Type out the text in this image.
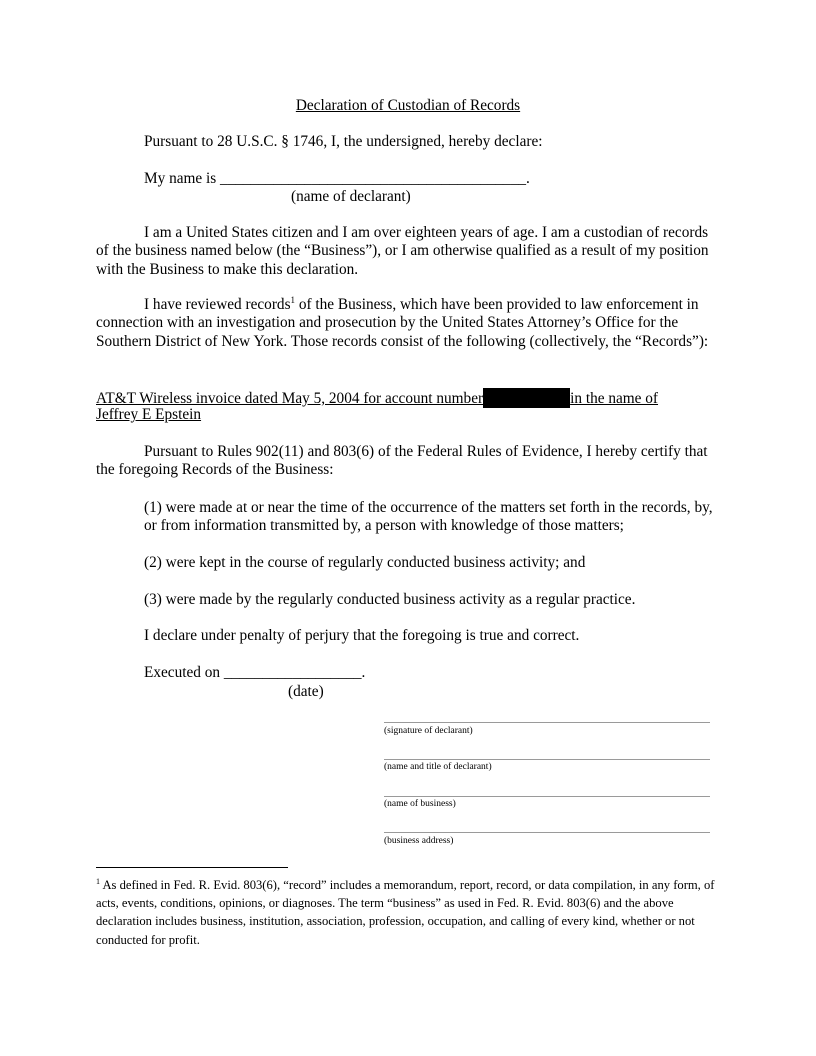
Declaration of Custodian of Records
Pursuant to 28 U.S.C. § 1746, I, the undersigned, hereby declare:
My name is ________________________________________.
(name of declarant)
I am a United States citizen and I am over eighteen years of age. I am a custodian of records of the business named below (the “Business”), or I am otherwise qualified as a result of my position with the Business to make this declaration.
I have reviewed records$^1$ of the Business, which have been provided to law enforcement in connection with an investigation and prosecution by the United States Attorney’s Office for the Southern District of New York. Those records consist of the following (collectively, the “Records”):
AT&T Wireless invoice dated May 5, 2004 for account number	in the name of
Jeffrey E Epstein
Pursuant to Rules 902(11) and 803(6) of the Federal Rules of Evidence, I hereby certify that the foregoing Records of the Business:
(1) were made at or near the time of the occurrence of the matters set forth in the records, by, or from information transmitted by, a person with knowledge of those matters;
(2) were kept in the course of regularly conducted business activity; and
(3) were made by the regularly conducted business activity as a regular practice.
I declare under penalty of perjury that the foregoing is true and correct.
Executed on __________________.
(date)
(signature of declarant)
(name and title of declarant)
(name of business)
(business address)
$^1$ As defined in Fed. R. Evid. 803(6), “record” includes a memorandum, report, record, or data compilation, in any form, of acts, events, conditions, opinions, or diagnoses. The term “business” as used in Fed. R. Evid. 803(6) and the above declaration includes business, institution, association, profession, occupation, and calling of every kind, whether or not conducted for profit.
